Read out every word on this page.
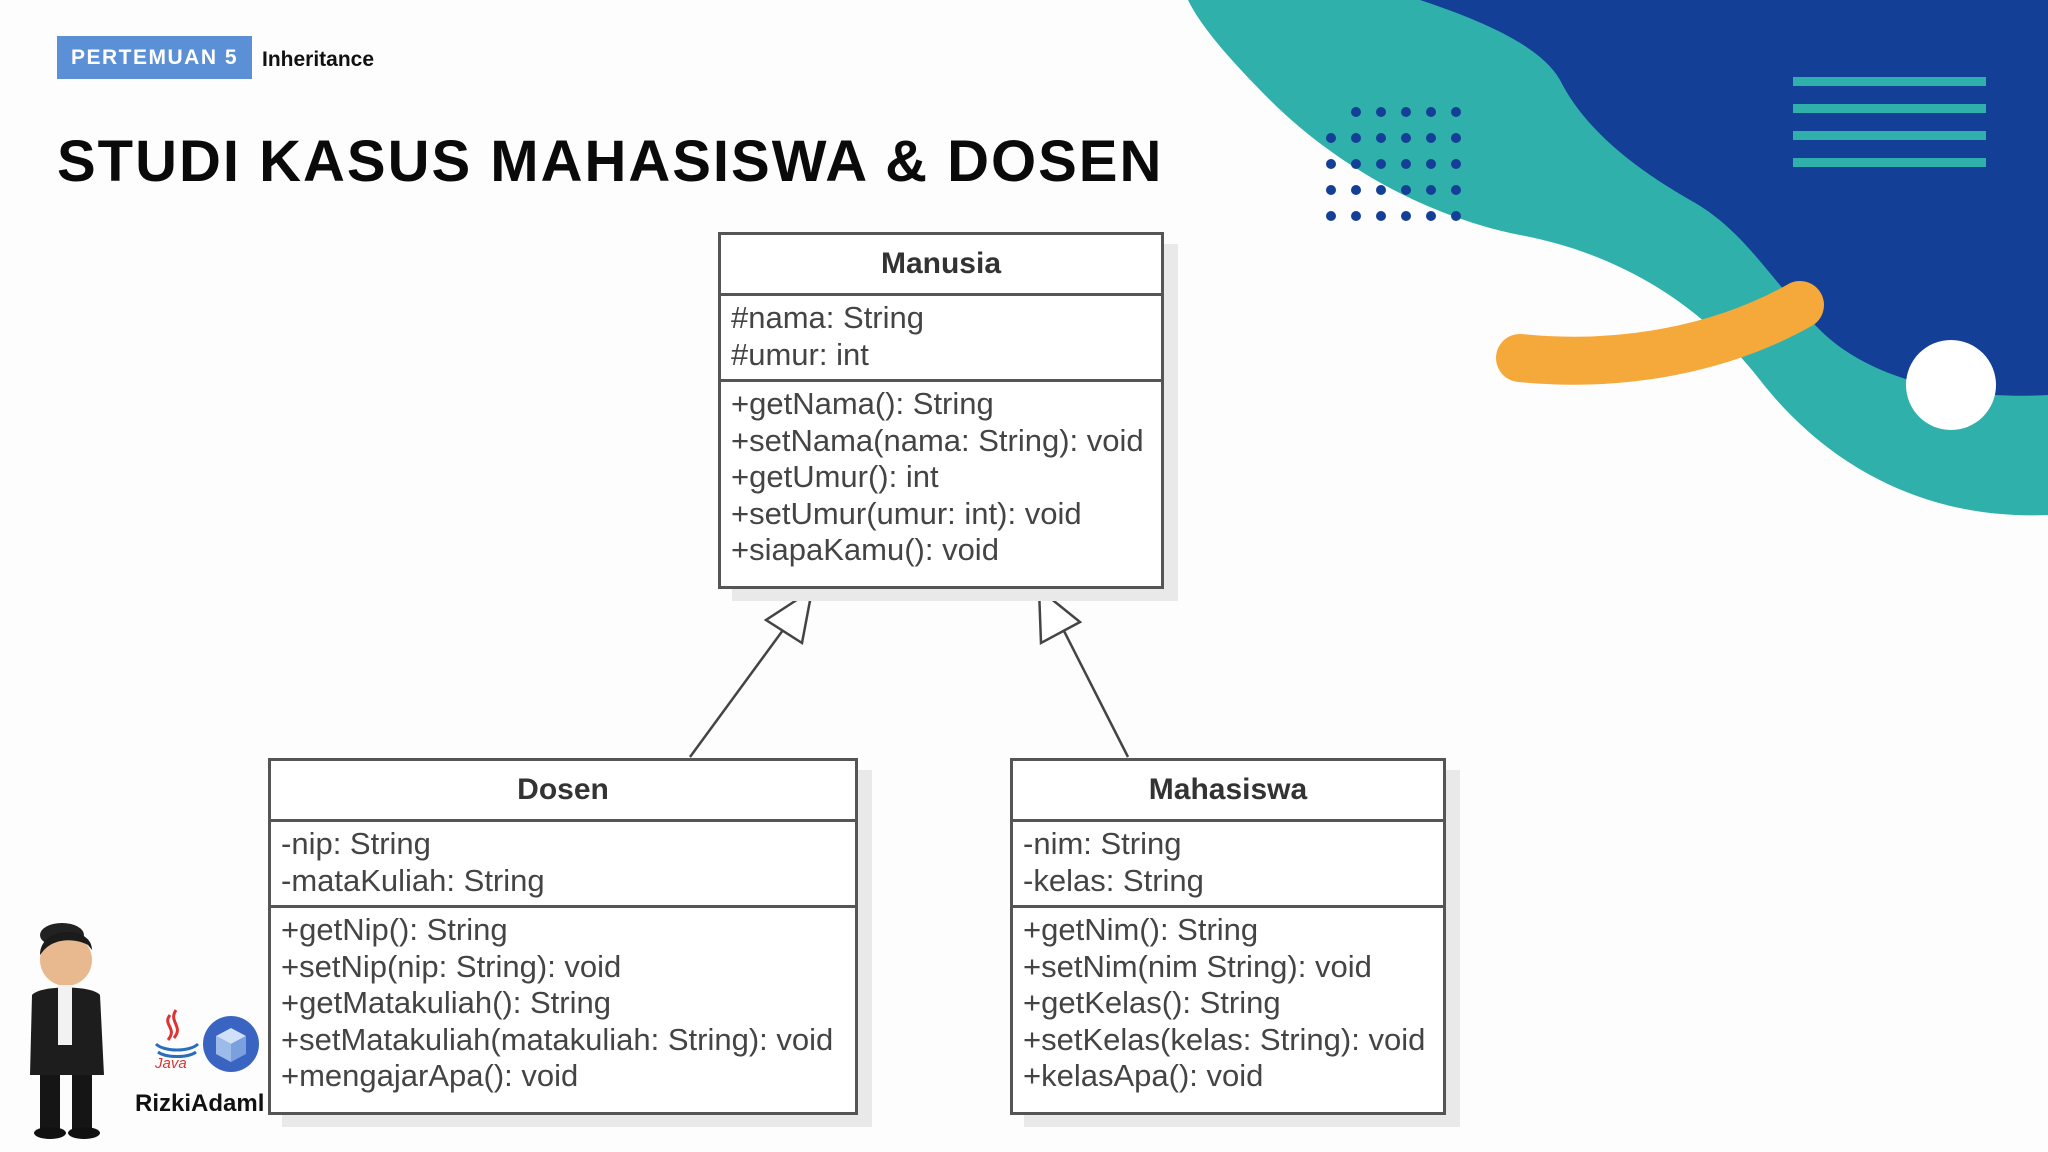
PERTEMUAN 5	Inheritance
STUDI KASUS MAHASISWA & DOSEN
Manusia
#nama: String
#umur: int
+getNama(): String
+setNama(nama: String): void
+getUmur(): int
+setUmur(umur: int): void
+siapaKamu(): void
Dosen
-nip: String
-mataKuliah: String
+getNip(): String
+setNip(nip: String): void
+getMatakuliah(): String
+setMatakuliah(matakuliah: String): void
+mengajarApa(): void
Mahasiswa
-nim: String
-kelas: String
+getNim(): String
+setNim(nim String): void
+getKelas(): String
+setKelas(kelas: String): void
+kelasApa(): void
Java
RizkiAdaml
